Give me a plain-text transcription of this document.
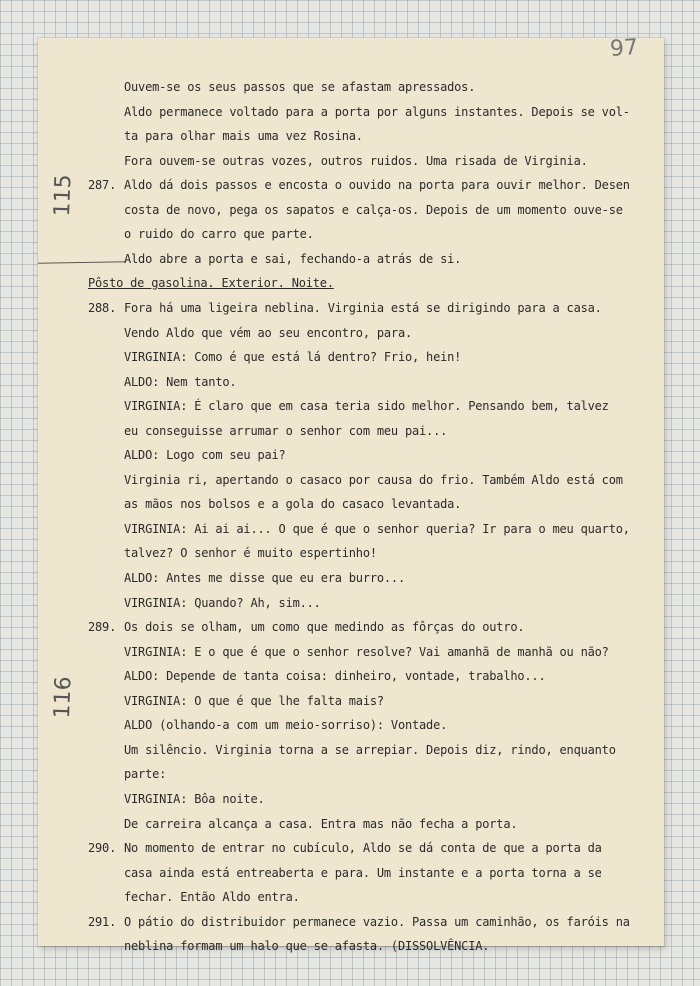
97
115
116
Ouvem-se os seus passos que se afastam apressados.
Aldo permanece voltado para a porta por alguns instantes. Depois se vol-
ta para olhar mais uma vez Rosina.
Fora ouvem-se outras vozes, outros ruidos. Uma risada de Virginia.
287. Aldo dá dois passos e encosta o ouvido na porta para ouvir melhor. Desen
costa de novo, pega os sapatos e calça-os. Depois de um momento ouve-se
o ruido do carro que parte.
Aldo abre a porta e sai, fechando-a atrás de si.
Pôsto de gasolina. Exterior. Noite.
288. Fora há uma ligeira neblina. Virginia está se dirigindo para a casa.
Vendo Aldo que vém ao seu encontro, para.
VIRGINIA: Como é que está lá dentro? Frio, hein!
ALDO: Nem tanto.
VIRGINIA: É claro que em casa teria sido melhor. Pensando bem, talvez
eu conseguisse arrumar o senhor com meu pai...
ALDO: Logo com seu pai?
Virginia ri, apertando o casaco por causa do frio. Também Aldo está com
as mãos nos bolsos e a gola do casaco levantada.
VIRGINIA: Ai ai ai... O que é que o senhor queria? Ir para o meu quarto,
talvez? O senhor é muito espertinho!
ALDO: Antes me disse que eu era burro...
VIRGINIA: Quando? Ah, sim...
289. Os dois se olham, um como que medindo as fôrças do outro.
VIRGINIA: E o que é que o senhor resolve? Vai amanhã de manhã ou não?
ALDO: Depende de tanta coisa: dinheiro, vontade, trabalho...
VIRGINIA: O que é que lhe falta mais?
ALDO (olhando-a com um meio-sorriso): Vontade.
Um silêncio. Virginia torna a se arrepiar. Depois diz, rindo, enquanto
parte:
VIRGINIA: Bôa noite.
De carreira alcança a casa. Entra mas não fecha a porta.
290. No momento de entrar no cubículo, Aldo se dá conta de que a porta da
casa ainda está entreaberta e para. Um instante e a porta torna a se
fechar. Então Aldo entra.
291. O pátio do distribuidor permanece vazio. Passa um caminhão, os faróis na
neblina formam um halo que se afasta. (DISSOLVÊNCIA.
